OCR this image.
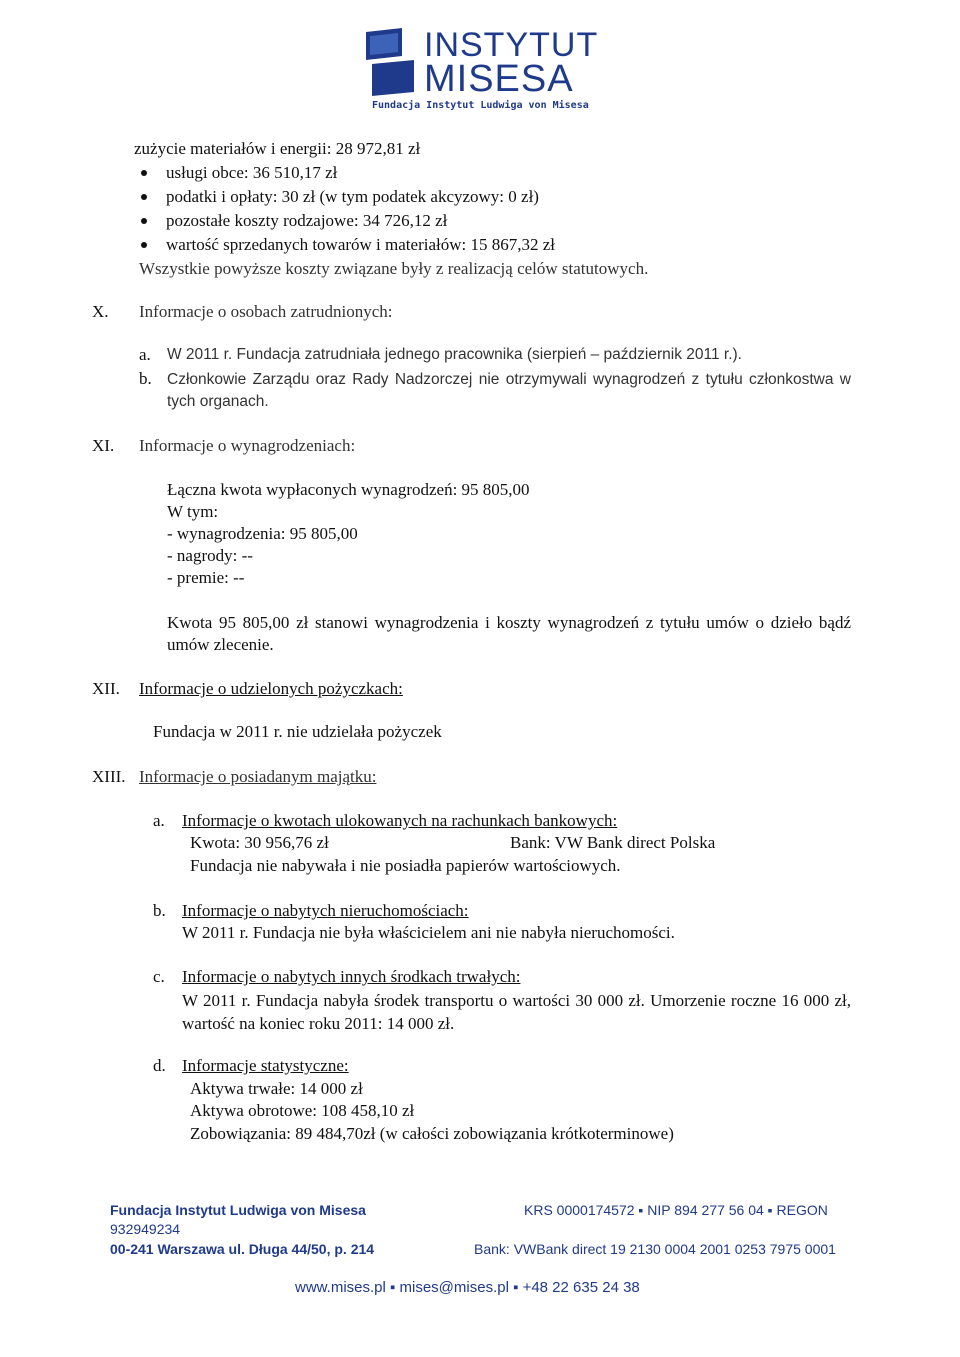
INSTYTUT
MISESA
Fundacja Instytut Ludwiga von Misesa
zużycie materiałów i energii: 28 972,81 zł
usługi obce: 36 510,17 zł
podatki i opłaty: 30 zł (w tym podatek akcyzowy: 0 zł)
pozostałe koszty rodzajowe: 34 726,12 zł
wartość sprzedanych towarów i materiałów: 15 867,32 zł
Wszystkie powyższe koszty związane były z realizacją celów statutowych.
X. Informacje o osobach zatrudnionych:
a. W 2011 r. Fundacja zatrudniała jednego pracownika (sierpień – październik 2011 r.).
b. Członkowie Zarządu oraz Rady Nadzorczej nie otrzymywali wynagrodzeń z tytułu członkostwa w tych organach.
XI. Informacje o wynagrodzeniach:
Łączna kwota wypłaconych wynagrodzeń: 95 805,00
W tym:
- wynagrodzenia: 95 805,00
- nagrody: --
- premie: --
Kwota 95 805,00 zł stanowi wynagrodzenia i koszty wynagrodzeń z tytułu umów o dzieło bądź umów zlecenie.
XII. Informacje o udzielonych pożyczkach:
Fundacja w 2011 r. nie udzielała pożyczek
XIII. Informacje o posiadanym majątku:
a. Informacje o kwotach ulokowanych na rachunkach bankowych:
Kwota: 30 956,76 zł	Bank: VW Bank direct Polska
Fundacja nie nabywała i nie posiadła papierów wartościowych.
b. Informacje o nabytych nieruchomościach:
W 2011 r. Fundacja nie była właścicielem ani nie nabyła nieruchomości.
c. Informacje o nabytych innych środkach trwałych:
W 2011 r. Fundacja nabyła środek transportu o wartości 30 000 zł. Umorzenie roczne 16 000 zł, wartość na koniec roku 2011: 14 000 zł.
d. Informacje statystyczne:
Aktywa trwałe: 14 000 zł
Aktywa obrotowe: 108 458,10 zł
Zobowiązania: 89 484,70zł (w całości zobowiązania krótkoterminowe)
Fundacja Instytut Ludwiga von Misesa	KRS 0000174572 ▪ NIP 894 277 56 04 ▪ REGON
932949234
00-241 Warszawa ul. Długa 44/50, p. 214	Bank: VWBank direct 19 2130 0004 2001 0253 7975 0001
www.mises.pl ▪ mises@mises.pl ▪ +48 22 635 24 38
